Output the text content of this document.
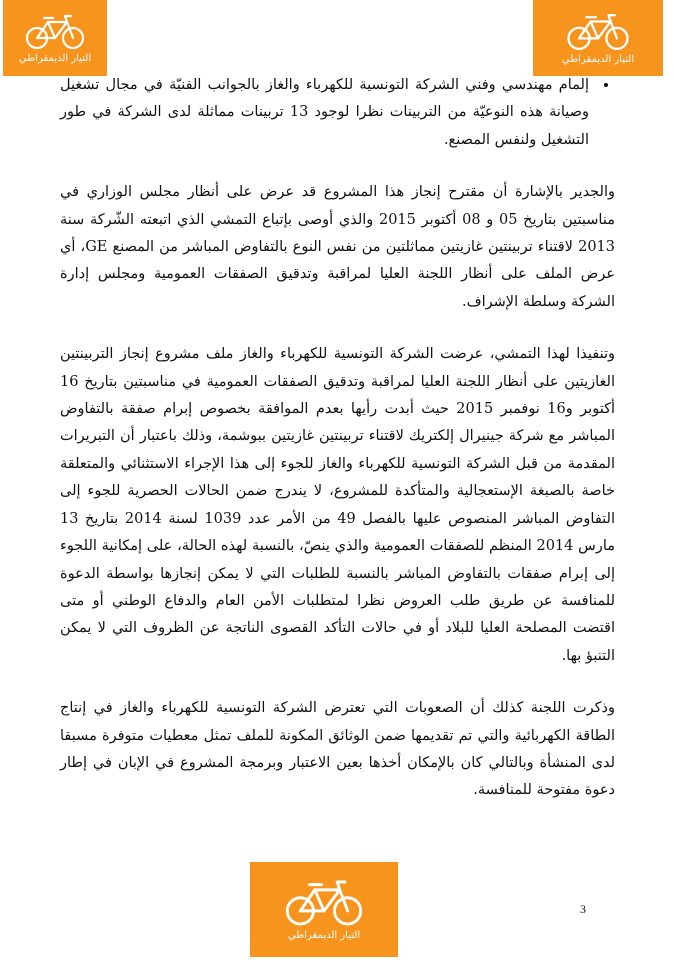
التيار الديمقراطي	التيار الديمقراطي
• إلمام مهندسي وفني الشركة التونسية للكهرباء والغاز بالجوانب الفنيّة في مجال تشغيل وصيانة هذه النوعيّة من التربينات نظرا لوجود 13 تربينات مماثلة لدى الشركة في طور التشغيل ولنفس المصنع.

والجدير بالإشارة أن مقترح إنجاز هذا المشروع قد عرض على أنظار مجلس الوزاري في مناسبتين بتاريخ 05 و 08 أكتوبر 2015 والذي أوصى بإتباع التمشي الذي اتبعته الشّركة سنة 2013 لاقتناء تربينتين غازيتين مماثلتين من نفس النوع بالتفاوض المباشر من المصنع GE، أي عرض الملف على أنظار اللجنة العليا لمراقبة وتدقيق الصفقات العمومية ومجلس إدارة الشركة وسلطة الإشراف.

وتنفيذا لهذا التمشي، عرضت الشركة التونسية للكهرباء والغاز ملف مشروع إنجاز التربينتين الغازيتين على أنظار اللجنة العليا لمراقبة وتدقيق الصفقات العمومية في مناسبتين بتاريخ 16 أكتوبر و16 نوفمبر 2015 حيث أبدت رأيها بعدم الموافقة بخصوص إبرام صفقة بالتفاوض المباشر مع شركة جينيرال إلكتريك لاقتناء تربينتين غازيتين ببوشمة، وذلك باعتبار أن التبريرات المقدمة من قبل الشركة التونسية للكهرباء والغاز للجوء إلى هذا الإجراء الاستثنائي والمتعلقة خاصة بالصبغة الإستعجالية والمتأكدة للمشروع، لا يندرج ضمن الحالات الحصرية للجوء إلى التفاوض المباشر المنصوص عليها بالفصل 49 من الأمر عدد 1039 لسنة 2014 بتاريخ 13 مارس 2014 المنظم للصفقات العمومية والذي ينصّ، بالنسبة لهذه الحالة، على إمكانية اللجوء إلى إبرام صفقات بالتفاوض المباشر بالنسبة للطلبات التي لا يمكن إنجازها بواسطة الدعوة للمنافسة عن طريق طلب العروض نظرا لمتطلبات الأمن العام والدفاع الوطني أو متى اقتضت المصلحة العليا للبلاد أو في حالات التأكد القصوى الناتجة عن الظروف التي لا يمكن التنبؤ بها.

وذكرت اللجنة كذلك أن الصعوبات التي تعترض الشركة التونسية للكهرباء والغاز في إنتاج الطاقة الكهربائية والتي تم تقديمها ضمن الوثائق المكونة للملف تمثل معطيات متوفرة مسبقا لدى المنشأة وبالتالي كان بالإمكان أخذها بعين الاعتبار وبرمجة المشروع في الإبان في إطار دعوة مفتوحة للمنافسة.

التيار الديمقراطي
3
